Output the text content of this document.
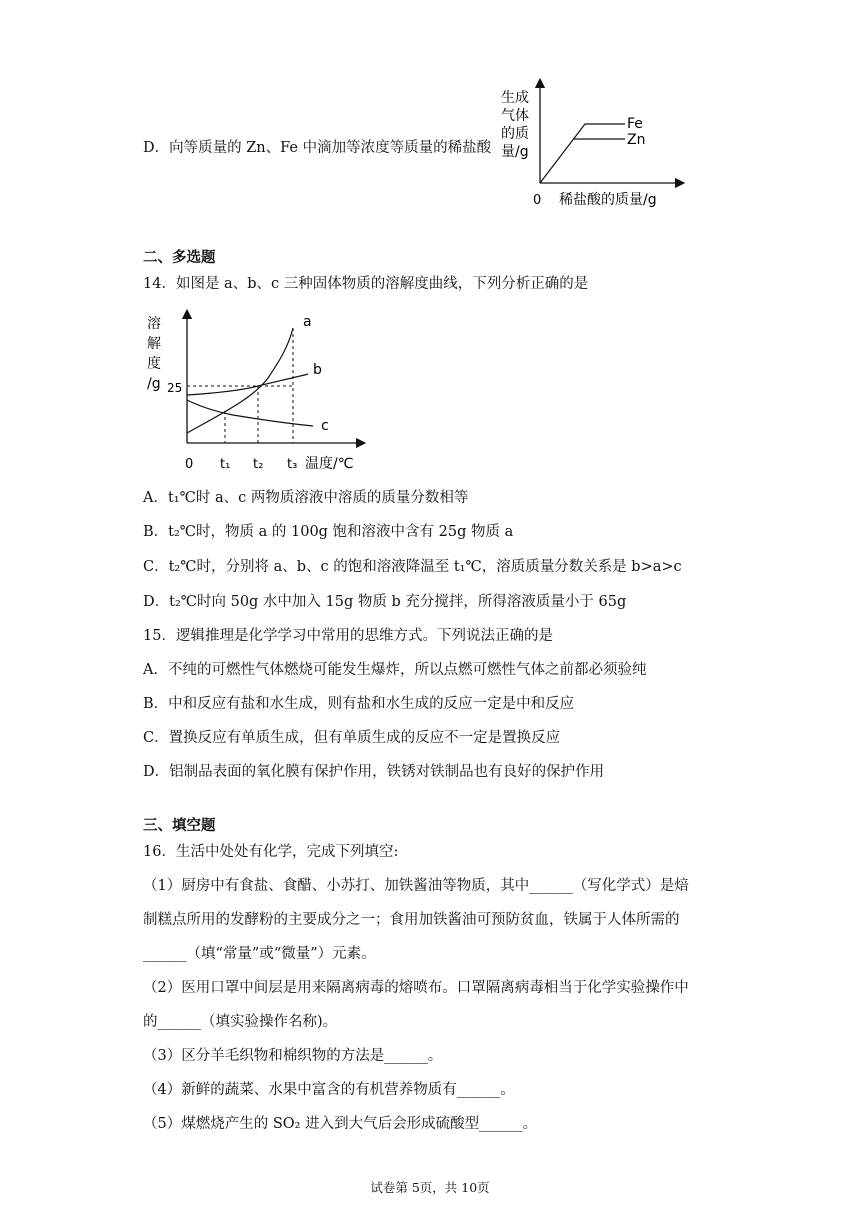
D．向等质量的 Zn、Fe 中滴加等浓度等质量的稀盐酸
生成
气体
的质
量/g
0 稀盐酸的质量/g
Fe
Zn
二、多选题
14．如图是 a、b、c 三种固体物质的溶解度曲线，下列分析正确的是
溶
解
度
/g 25
a
b
c
0 t₁ t₂ t₃ 温度/℃
A．t₁℃时 a、c 两物质溶液中溶质的质量分数相等
B．t₂℃时，物质 a 的 100g 饱和溶液中含有 25g 物质 a
C．t₂℃时，分别将 a、b、c 的饱和溶液降温至 t₁℃，溶质质量分数关系是 b>a>c
D．t₂℃时向 50g 水中加入 15g 物质 b 充分搅拌，所得溶液质量小于 65g
15．逻辑推理是化学学习中常用的思维方式。下列说法正确的是
A．不纯的可燃性气体燃烧可能发生爆炸，所以点燃可燃性气体之前都必须验纯
B．中和反应有盐和水生成，则有盐和水生成的反应一定是中和反应
C．置换反应有单质生成，但有单质生成的反应不一定是置换反应
D．铝制品表面的氧化膜有保护作用，铁锈对铁制品也有良好的保护作用
三、填空题
16．生活中处处有化学，完成下列填空:
（1）厨房中有食盐、食醋、小苏打、加铁酱油等物质，其中______（写化学式）是焙
制糕点所用的发酵粉的主要成分之一；食用加铁酱油可预防贫血，铁属于人体所需的
______（填“常量”或“微量”）元素。
（2）医用口罩中间层是用来隔离病毒的熔喷布。口罩隔离病毒相当于化学实验操作中
的______（填实验操作名称)。
（3）区分羊毛织物和棉织物的方法是______。
（4）新鲜的蔬菜、水果中富含的有机营养物质有______。
（5）煤燃烧产生的 SO₂ 进入到大气后会形成硫酸型______。
试卷第 5页，共 10页
